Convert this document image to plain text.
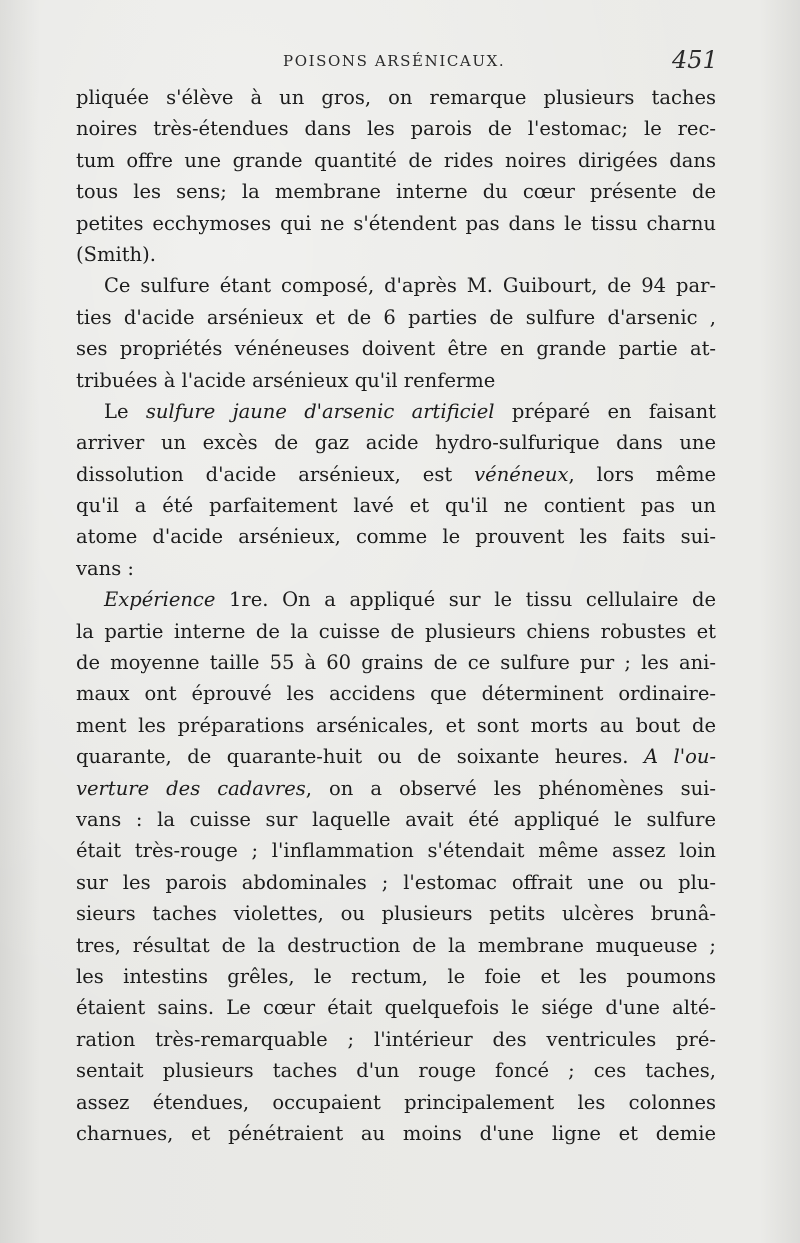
POISONS ARSÉNICAUX.	451
pliquée s'élève à un gros, on remarque plusieurs taches
noires très-étendues dans les parois de l'estomac; le rec-
tum offre une grande quantité de rides noires dirigées dans
tous les sens; la membrane interne du cœur présente de
petites ecchymoses qui ne s'étendent pas dans le tissu charnu
(Smith).
Ce sulfure étant composé, d'après M. Guibourt, de 94 par-
ties d'acide arsénieux et de 6 parties de sulfure d'arsenic ,
ses propriétés vénéneuses doivent être en grande partie at-
tribuées à l'acide arsénieux qu'il renferme
Le sulfure jaune d'arsenic artificiel préparé en faisant
arriver un excès de gaz acide hydro-sulfurique dans une
dissolution d'acide arsénieux, est vénéneux, lors même
qu'il a été parfaitement lavé et qu'il ne contient pas un
atome d'acide arsénieux, comme le prouvent les faits sui-
vans :
Expérience 1re. On a appliqué sur le tissu cellulaire de
la partie interne de la cuisse de plusieurs chiens robustes et
de moyenne taille 55 à 60 grains de ce sulfure pur ; les ani-
maux ont éprouvé les accidens que déterminent ordinaire-
ment les préparations arsénicales, et sont morts au bout de
quarante, de quarante-huit ou de soixante heures. A l'ou-
verture des cadavres, on a observé les phénomènes sui-
vans : la cuisse sur laquelle avait été appliqué le sulfure
était très-rouge ; l'inflammation s'étendait même assez loin
sur les parois abdominales ; l'estomac offrait une ou plu-
sieurs taches violettes, ou plusieurs petits ulcères brunâ-
tres, résultat de la destruction de la membrane muqueuse ;
les intestins grêles, le rectum, le foie et les poumons
étaient sains. Le cœur était quelquefois le siége d'une alté-
ration très-remarquable ; l'intérieur des ventricules pré-
sentait plusieurs taches d'un rouge foncé ; ces taches,
assez étendues, occupaient principalement les colonnes
charnues, et pénétraient au moins d'une ligne et demie
